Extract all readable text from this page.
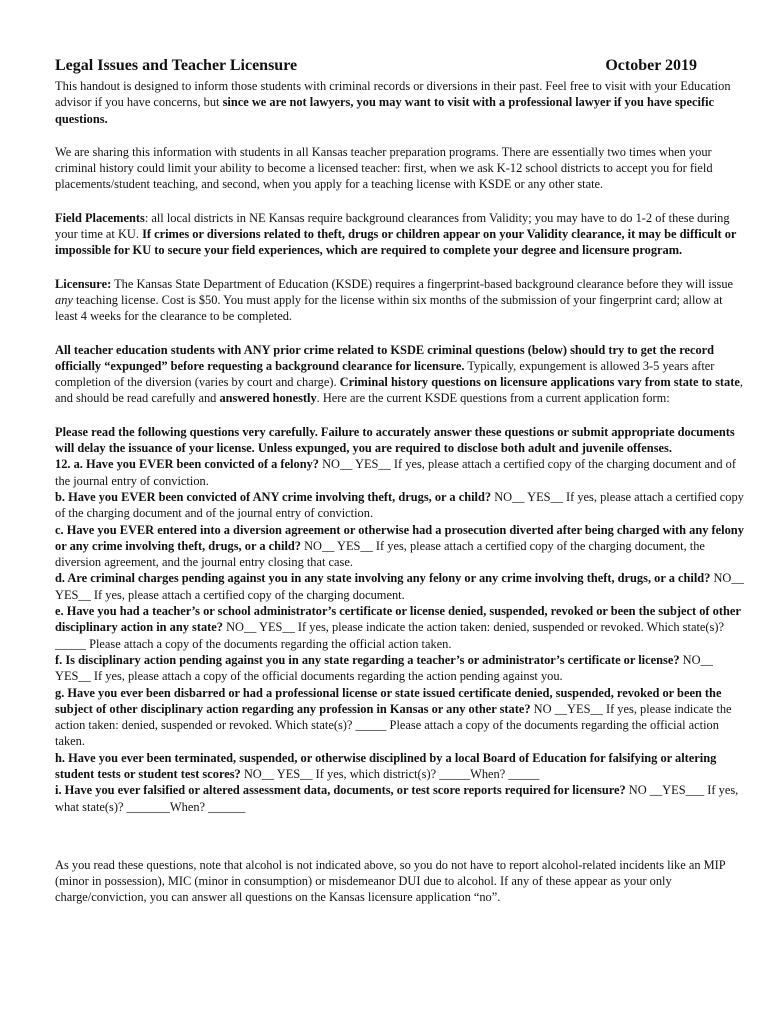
Legal Issues and Teacher Licensure	October 2019

This handout is designed to inform those students with criminal records or diversions in their past. Feel free to visit with your Education advisor if you have concerns, but since we are not lawyers, you may want to visit with a professional lawyer if you have specific questions.

We are sharing this information with students in all Kansas teacher preparation programs. There are essentially two times when your criminal history could limit your ability to become a licensed teacher: first, when we ask K-12 school districts to accept you for field placements/student teaching, and second, when you apply for a teaching license with KSDE or any other state.

Field Placements: all local districts in NE Kansas require background clearances from Validity; you may have to do 1-2 of these during your time at KU. If crimes or diversions related to theft, drugs or children appear on your Validity clearance, it may be difficult or impossible for KU to secure your field experiences, which are required to complete your degree and licensure program.

Licensure: The Kansas State Department of Education (KSDE) requires a fingerprint-based background clearance before they will issue any teaching license. Cost is $50. You must apply for the license within six months of the submission of your fingerprint card; allow at least 4 weeks for the clearance to be completed.

All teacher education students with ANY prior crime related to KSDE criminal questions (below) should try to get the record officially “expunged” before requesting a background clearance for licensure. Typically, expungement is allowed 3-5 years after completion of the diversion (varies by court and charge). Criminal history questions on licensure applications vary from state to state, and should be read carefully and answered honestly. Here are the current KSDE questions from a current application form:

Please read the following questions very carefully. Failure to accurately answer these questions or submit appropriate documents will delay the issuance of your license. Unless expunged, you are required to disclose both adult and juvenile offenses.
12. a. Have you EVER been convicted of a felony? NO__ YES__ If yes, please attach a certified copy of the charging document and of the journal entry of conviction.
b. Have you EVER been convicted of ANY crime involving theft, drugs, or a child? NO__ YES__ If yes, please attach a certified copy of the charging document and of the journal entry of conviction.
c. Have you EVER entered into a diversion agreement or otherwise had a prosecution diverted after being charged with any felony or any crime involving theft, drugs, or a child? NO__ YES__ If yes, please attach a certified copy of the charging document, the diversion agreement, and the journal entry closing that case.
d. Are criminal charges pending against you in any state involving any felony or any crime involving theft, drugs, or a child? NO__ YES__ If yes, please attach a certified copy of the charging document.
e. Have you had a teacher’s or school administrator’s certificate or license denied, suspended, revoked or been the subject of other disciplinary action in any state? NO__ YES__ If yes, please indicate the action taken: denied, suspended or revoked. Which state(s)? _____ Please attach a copy of the documents regarding the official action taken.
f. Is disciplinary action pending against you in any state regarding a teacher’s or administrator’s certificate or license? NO__ YES__ If yes, please attach a copy of the official documents regarding the action pending against you.
g. Have you ever been disbarred or had a professional license or state issued certificate denied, suspended, revoked or been the subject of other disciplinary action regarding any profession in Kansas or any other state? NO __YES__ If yes, please indicate the action taken: denied, suspended or revoked. Which state(s)? _____ Please attach a copy of the documents regarding the official action taken.
h. Have you ever been terminated, suspended, or otherwise disciplined by a local Board of Education for falsifying or altering student tests or student test scores? NO__ YES__ If yes, which district(s)? _____When? _____
i. Have you ever falsified or altered assessment data, documents, or test score reports required for licensure? NO __YES___ If yes, what state(s)? _______When? ______

As you read these questions, note that alcohol is not indicated above, so you do not have to report alcohol-related incidents like an MIP (minor in possession), MIC (minor in consumption) or misdemeanor DUI due to alcohol. If any of these appear as your only charge/conviction, you can answer all questions on the Kansas licensure application “no”.
